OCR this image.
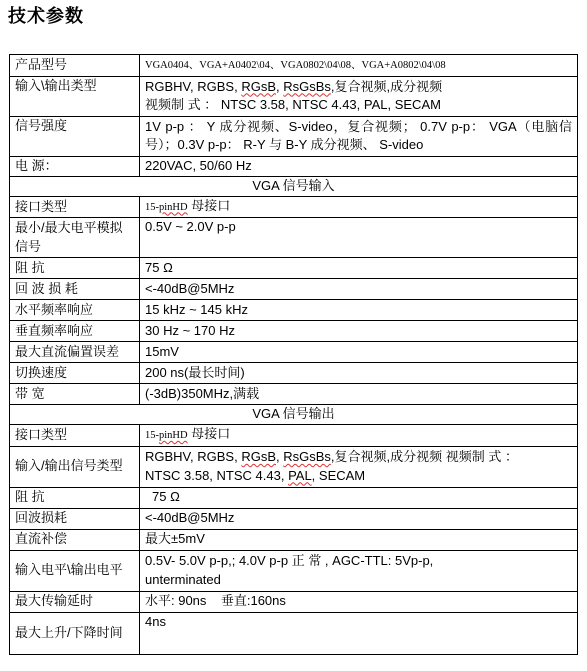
技术参数
产品型号	VGA0404、VGA+A0402\04、VGA0802\04\08、VGA+A0802\04\08
输入\输出类型	RGBHV, RGBS, RGsB, RsGsBs,复合视频,成分视频
视频制 式 ： NTSC 3.58, NTSC 4.43, PAL, SECAM

信号强度	1V p-p ： Y 成分视频、S-video，复合视频； 0.7V p-p： VGA（电脑信号）；0.3V p-p： R-Y 与 B-Y 成分视频、 S-video
电 源：	220VAC, 50/60 Hz
VGA 信号输入	
接口类型	15-pinHD 母接口
最小/最大电平模拟信号	0.5V ~ 2.0V p-p
阻 抗	75 Ω
回 波 损 耗	<-40dB@5MHz
水平频率响应	15 kHz ~ 145 kHz
垂直频率响应	30 Hz ~ 170 Hz
最大直流偏置误差	15mV
切换速度	200 ns(最长时间)
带 宽	(-3dB)350MHz,满载
VGA 信号输出	
接口类型	15-pinHD 母接口
输入/输出信号类型	RGBHV, RGBS, RGsB, RsGsBs,复合视频,成分视频 视频制 式 ：
NTSC 3.58, NTSC 4.43, PAL, SECAM

阻 抗	75 Ω
回波损耗	<-40dB@5MHz
直流补偿	最大±5mV
输入电平\输出电平	0.5V- 5.0V p-p,; 4.0V p-p 正 常 , AGC-TTL: 5Vp-p,
unterminated

最大传输延时	水平: 90ns    垂直:160ns
最大上升/下降时间	4ns
